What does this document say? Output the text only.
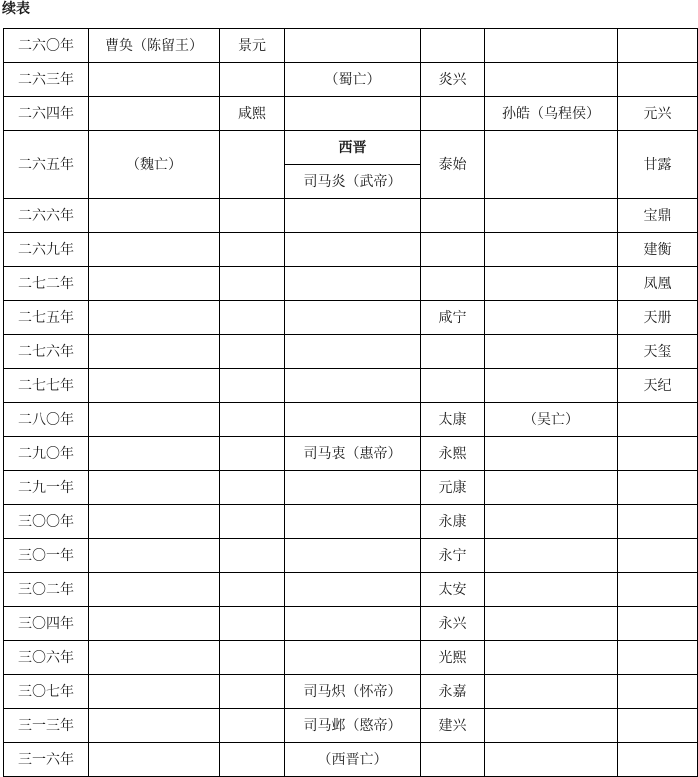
续表
二六〇年	曹奂（陈留王）	景元				
二六三年			（蜀亡）	炎兴		
二六四年		咸熙			孙皓（乌程侯）	元兴
二六五年	（魏亡）		西晋	泰始		甘露
			司马炎（武帝）			
二六六年						宝鼎
二六九年						建衡
二七二年						凤凰
二七五年				咸宁		天册
二七六年						天玺
二七七年						天纪
二八〇年				太康	（吴亡）	
二九〇年			司马衷（惠帝）	永熙		
二九一年				元康		
三〇〇年				永康		
三〇一年				永宁		
三〇二年				太安		
三〇四年				永兴		
三〇六年				光熙		
三〇七年			司马炽（怀帝）	永嘉		
三一三年			司马邺（愍帝）	建兴		
三一六年			（西晋亡）			
